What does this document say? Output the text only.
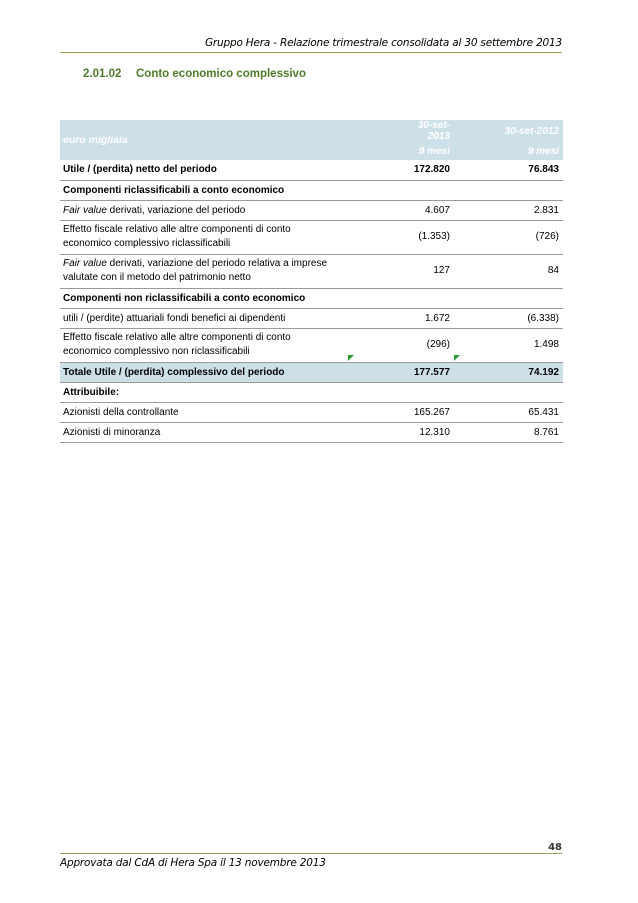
Gruppo Hera - Relazione trimestrale consolidata al 30 settembre 2013
2.01.02 Conto economico complessivo
euro migliaia		30-set-2013	30-set-2012
		9 mesi	9 mesi
Utile / (perdita) netto del periodo		172.820	76.843
Componenti riclassificabili a conto economico			
Fair value derivati, variazione del periodo		4.607	2.831
Effetto fiscale relativo alle altre componenti di conto
economico complessivo riclassificabili		(1.353)	(726)
Fair value derivati, variazione del periodo relativa a imprese
valutate con il metodo del patrimonio netto		127	84
Componenti non riclassificabili a conto economico			
utili / (perdite) attuariali fondi benefici ai dipendenti		1.672	(6.338)
Effetto fiscale relativo alle altre componenti di conto
economico complessivo non riclassificabili		(296)	1.498
Totale Utile / (perdita) complessivo del periodo		177.577	74.192
Attribuibile:			
Azionisti della controllante		165.267	65.431
Azionisti di minoranza		12.310	8.761
48
Approvata dal CdA di Hera Spa il 13 novembre 2013
